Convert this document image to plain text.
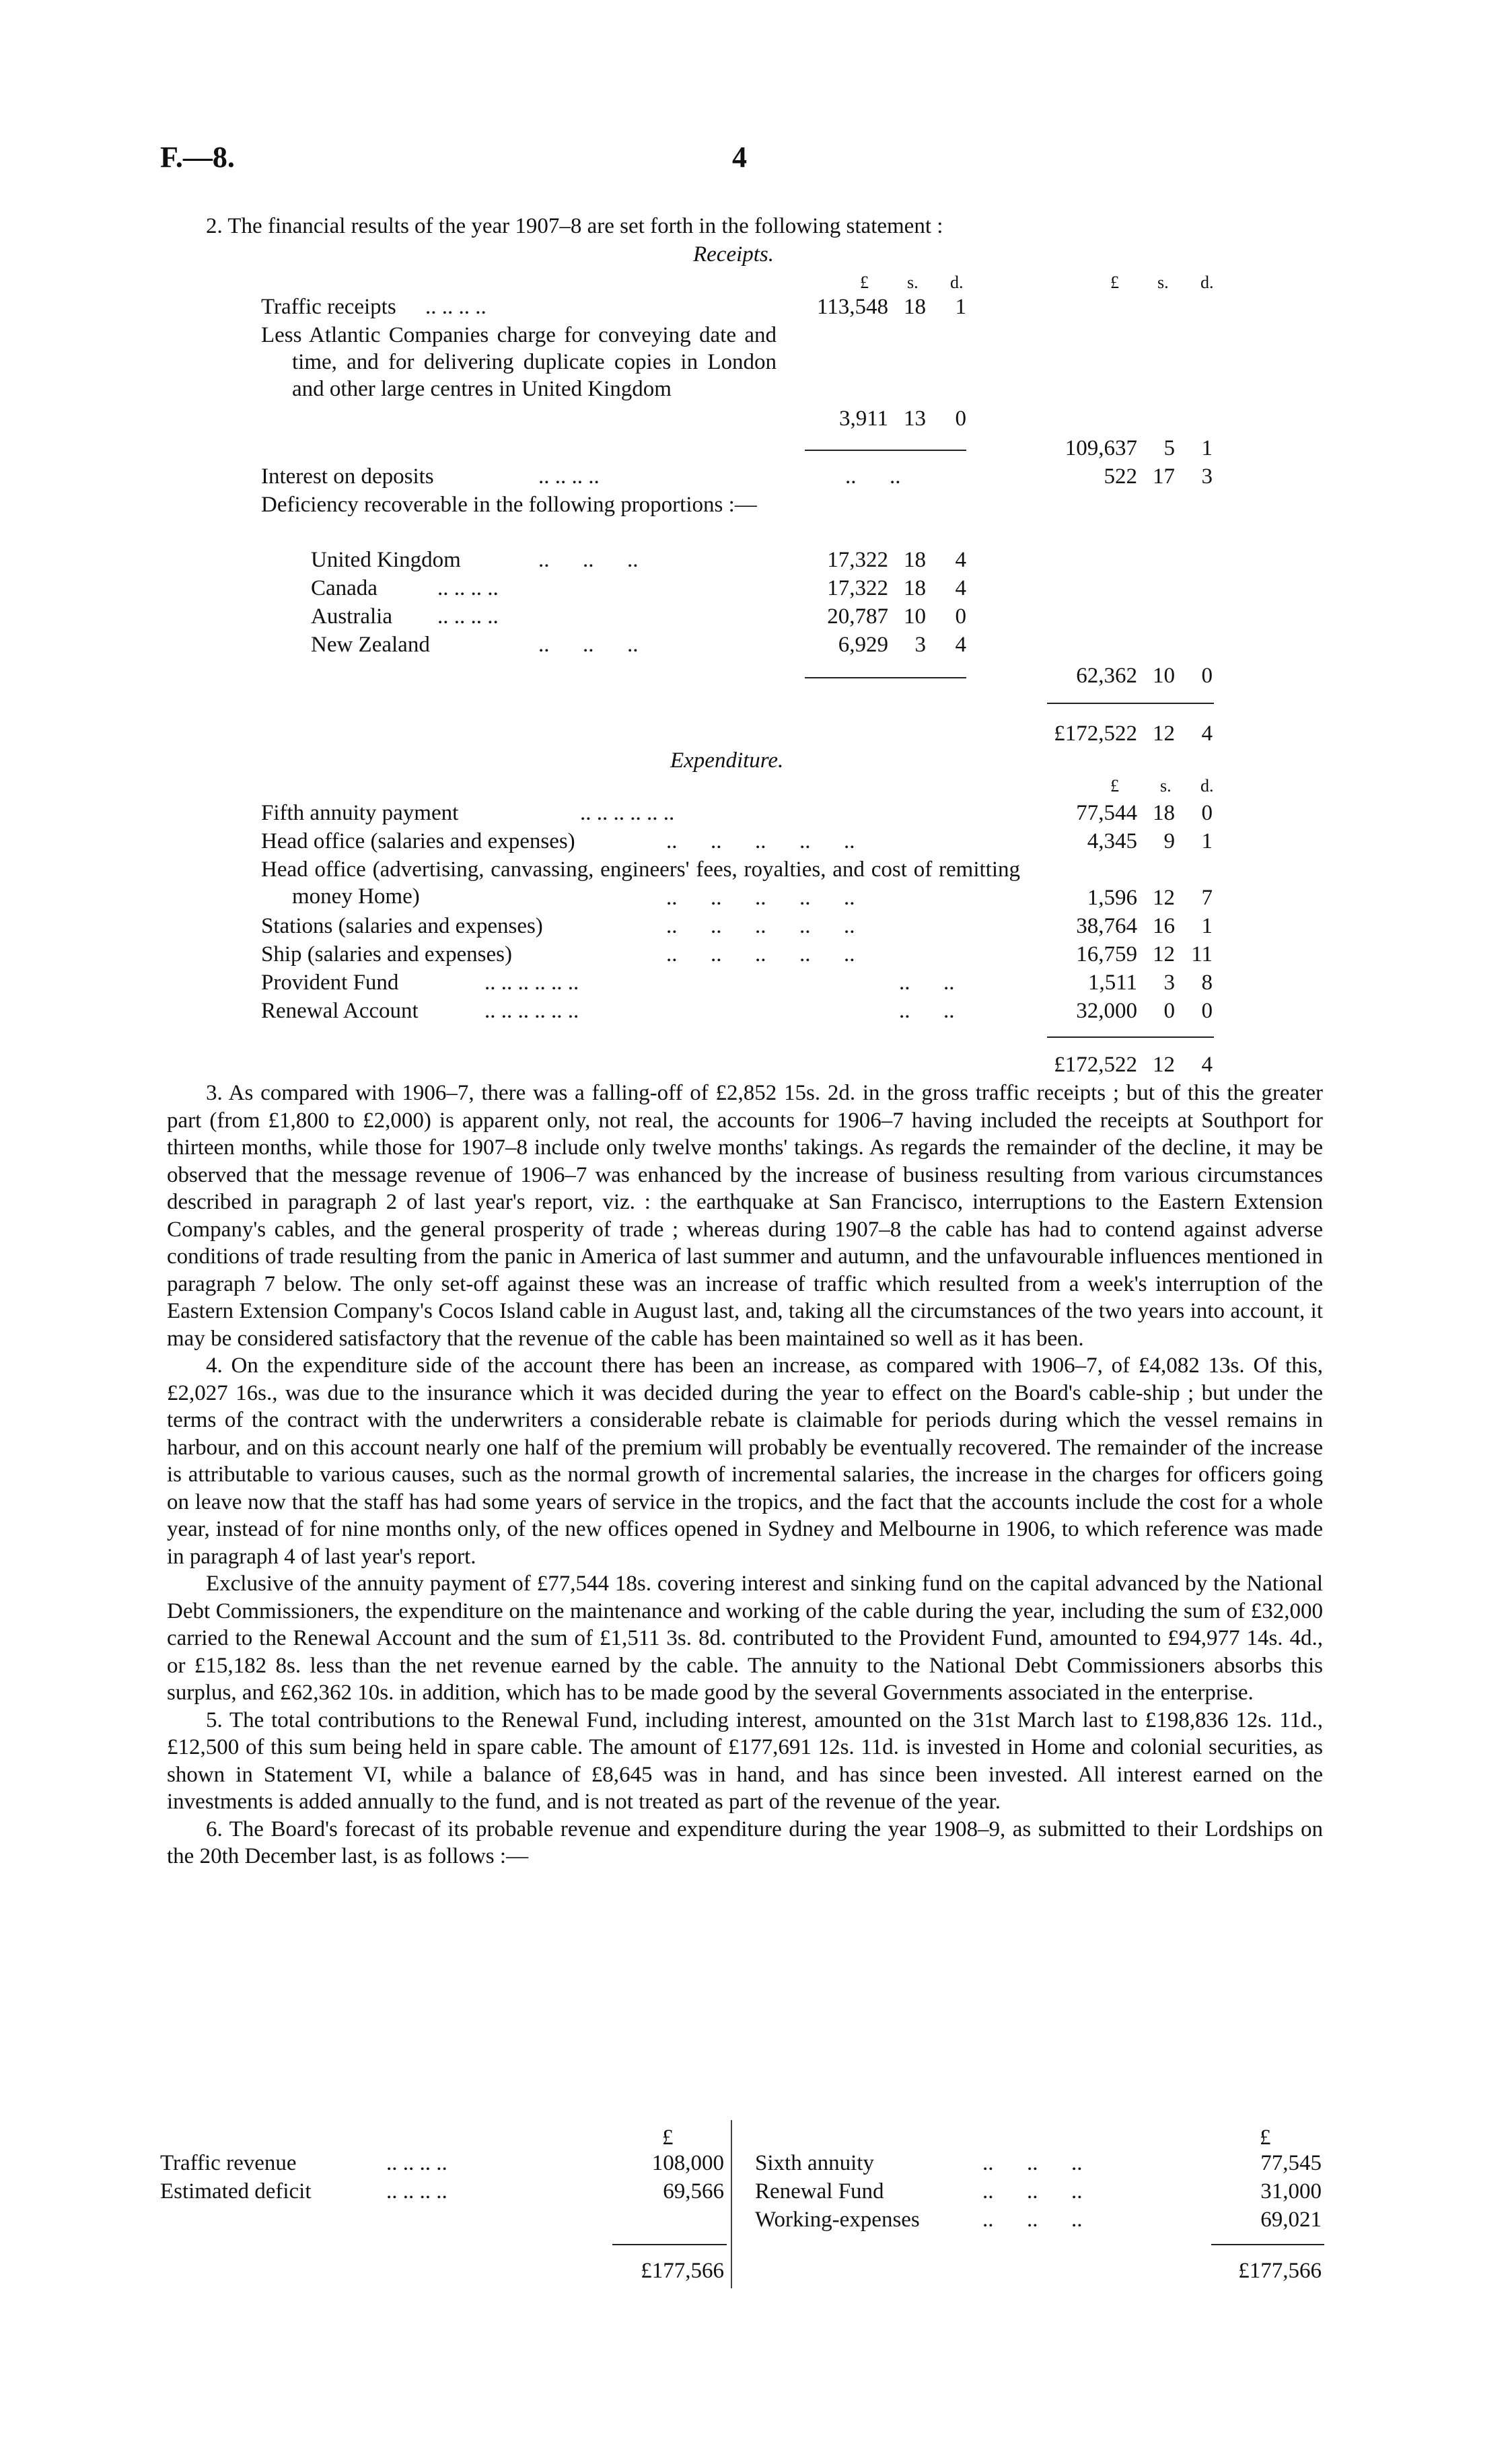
F.—8.	4
2. The financial results of the year 1907–8 are set forth in the following statement :
Receipts.
£ s. d.	£ s. d.
Traffic receipts .. .. .. ..	113,548 18	1
Less Atlantic Companies charge for conveying date and time, and for delivering duplicate copies in London and other large centres in United Kingdom
3,911 13	0
109,637	5	1
Interest on deposits	.. .. .. ..	..      ..	522 17	3
Deficiency recoverable in the following proportions :—
United Kingdom	..      ..      ..	17,322 18	4
Canada	.. .. .. ..	17,322 18	4
Australia .. .. .. ..	20,787 10	0
New Zealand	..      ..      ..	6,929	3	4
62,362 10	0
£172,522 12	4
Expenditure.
£ s. d.
Fifth annuity payment	.. .. .. .. .. ..	77,544 18	0
Head office (salaries and expenses)	..      ..      ..      ..      ..	4,345	9	1
Head office (advertising, canvassing, engineers' fees, royalties, and cost of remitting money Home)	..      ..      ..      ..      ..	1,596 12	7
Stations (salaries and expenses)	..      ..      ..      ..      ..	38,764 16	1
Ship (salaries and expenses)	..      ..      ..      ..      ..	16,759 12 11
Provident Fund	.. .. .. .. .. ..	..      ..	1,511	3	8
Renewal Account	.. .. .. .. .. ..	..      ..	32,000	0	0
£172,522 12	4

3. As compared with 1906–7, there was a falling-off of £2,852 15s. 2d. in the gross traffic receipts ; but of this the greater part (from £1,800 to £2,000) is apparent only, not real, the accounts for 1906–7 having included the receipts at Southport for thirteen months, while those for 1907–8 include only twelve months' takings. As regards the remainder of the decline, it may be observed that the message revenue of 1906–7 was enhanced by the increase of business resulting from various circumstances described in paragraph 2 of last year's report, viz. : the earthquake at San Francisco, interruptions to the Eastern Extension Company's cables, and the general prosperity of trade ; whereas during 1907–8 the cable has had to contend against adverse conditions of trade resulting from the panic in America of last summer and autumn, and the unfavourable influences mentioned in paragraph 7 below. The only set-off against these was an increase of traffic which resulted from a week's interruption of the Eastern Extension Company's Cocos Island cable in August last, and, taking all the circumstances of the two years into account, it may be considered satisfactory that the revenue of the cable has been maintained so well as it has been.

4. On the expenditure side of the account there has been an increase, as compared with 1906–7, of £4,082 13s. Of this, £2,027 16s., was due to the insurance which it was decided during the year to effect on the Board's cable-ship ; but under the terms of the contract with the underwriters a considerable rebate is claimable for periods during which the vessel remains in harbour, and on this account nearly one half of the premium will probably be eventually recovered. The remainder of the increase is attributable to various causes, such as the normal growth of incremental salaries, the increase in the charges for officers going on leave now that the staff has had some years of service in the tropics, and the fact that the accounts include the cost for a whole year, instead of for nine months only, of the new offices opened in Sydney and Melbourne in 1906, to which reference was made in paragraph 4 of last year's report.

Exclusive of the annuity payment of £77,544 18s. covering interest and sinking fund on the capital advanced by the National Debt Commissioners, the expenditure on the maintenance and working of the cable during the year, including the sum of £32,000 carried to the Renewal Account and the sum of £1,511 3s. 8d. contributed to the Provident Fund, amounted to £94,977 14s. 4d., or £15,182 8s. less than the net revenue earned by the cable. The annuity to the National Debt Commissioners absorbs this surplus, and £62,362 10s. in addition, which has to be made good by the several Governments associated in the enterprise.

5. The total contributions to the Renewal Fund, including interest, amounted on the 31st March last to £198,836 12s. 11d., £12,500 of this sum being held in spare cable. The amount of £177,691 12s. 11d. is invested in Home and colonial securities, as shown in Statement VI, while a balance of £8,645 was in hand, and has since been invested. All interest earned on the investments is added annually to the fund, and is not treated as part of the revenue of the year.

6. The Board's forecast of its probable revenue and expenditure during the year 1908–9, as submitted to their Lordships on the 20th December last, is as follows :—

£	£
Traffic revenue	.. .. .. ..	108,000
Estimated deficit	.. .. .. ..	69,566
£177,566
Sixth annuity	..      ..      ..	77,545
Renewal Fund	..      ..      ..	31,000
Working-expenses	..      ..      ..	69,021
£177,566
